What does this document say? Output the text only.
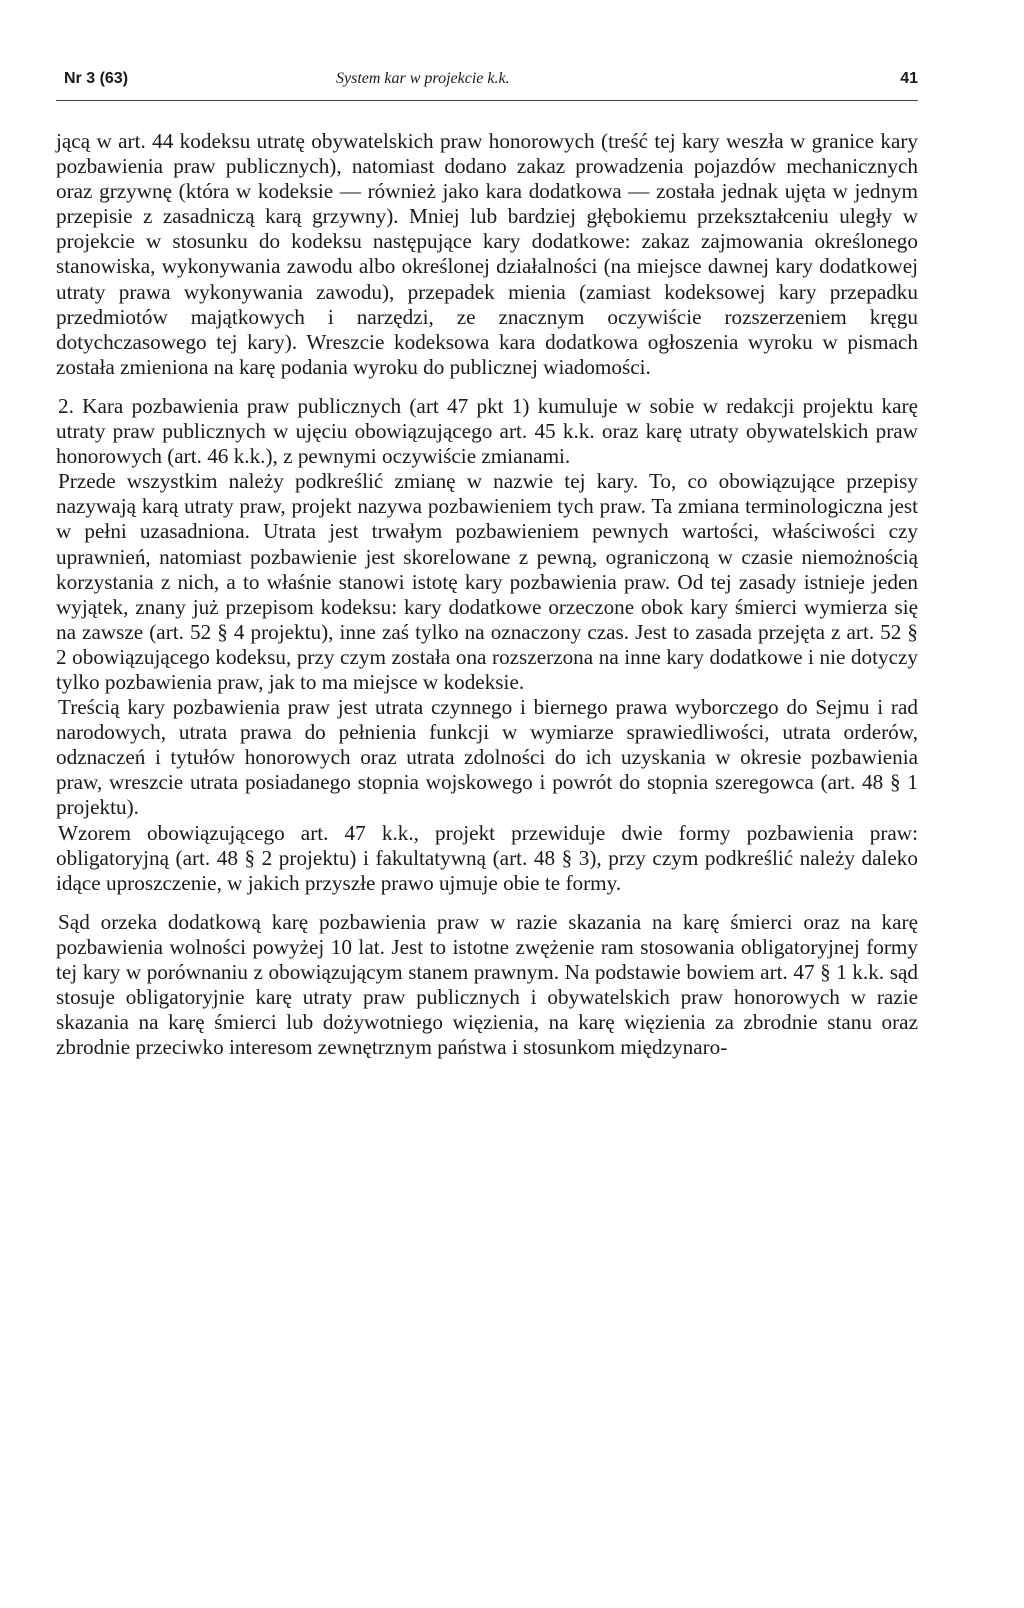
Nr 3 (63)	System kar w projekcie k.k.	41

jącą w art. 44 kodeksu utratę obywatelskich praw honorowych (treść tej kary weszła w granice kary pozbawienia praw publicznych), natomiast dodano zakaz prowadzenia pojazdów mechanicznych oraz grzywnę (która w kodeksie — również jako kara dodatkowa — została jednak ujęta w jednym przepisie z zasadniczą karą grzywny). Mniej lub bardziej głębokiemu przekształceniu uległy w projekcie w stosunku do kodeksu następujące kary dodatkowe: zakaz zajmowania określonego stanowiska, wykonywania zawodu albo określonej działalności (na miejsce dawnej kary dodatkowej utraty prawa wykonywania zawodu), przepadek mienia (zamiast kodeksowej kary przepadku przedmiotów majątkowych i narzędzi, ze znacznym oczywiście rozszerzeniem kręgu dotychczasowego tej kary). Wreszcie kodeksowa kara dodatkowa ogłoszenia wyroku w pismach została zmieniona na karę podania wyroku do publicznej wiadomości.

2. Kara pozbawienia praw publicznych (art 47 pkt 1) kumuluje w sobie w redakcji projektu karę utraty praw publicznych w ujęciu obowiązującego art. 45 k.k. oraz karę utraty obywatelskich praw honorowych (art. 46 k.k.), z pewnymi oczywiście zmianami.

Przede wszystkim należy podkreślić zmianę w nazwie tej kary. To, co obowiązujące przepisy nazywają karą utraty praw, projekt nazywa pozbawieniem tych praw. Ta zmiana terminologiczna jest w pełni uzasadniona. Utrata jest trwałym pozbawieniem pewnych wartości, właściwości czy uprawnień, natomiast pozbawienie jest skorelowane z pewną, ograniczoną w czasie niemożnością korzystania z nich, a to właśnie stanowi istotę kary pozbawienia praw. Od tej zasady istnieje jeden wyjątek, znany już przepisom kodeksu: kary dodatkowe orzeczone obok kary śmierci wymierza się na zawsze (art. 52 § 4 projektu), inne zaś tylko na oznaczony czas. Jest to zasada przejęta z art. 52 § 2 obowiązującego kodeksu, przy czym została ona rozszerzona na inne kary dodatkowe i nie dotyczy tylko pozbawienia praw, jak to ma miejsce w kodeksie.

Treścią kary pozbawienia praw jest utrata czynnego i biernego prawa wyborczego do Sejmu i rad narodowych, utrata prawa do pełnienia funkcji w wymiarze sprawiedliwości, utrata orderów, odznaczeń i tytułów honorowych oraz utrata zdolności do ich uzyskania w okresie pozbawienia praw, wreszcie utrata posiadanego stopnia wojskowego i powrót do stopnia szeregowca (art. 48 § 1 projektu).

Wzorem obowiązującego art. 47 k.k., projekt przewiduje dwie formy pozbawienia praw: obligatoryjną (art. 48 § 2 projektu) i fakultatywną (art. 48 § 3), przy czym podkreślić należy daleko idące uproszczenie, w jakich przyszłe prawo ujmuje obie te formy.

Sąd orzeka dodatkową karę pozbawienia praw w razie skazania na karę śmierci oraz na karę pozbawienia wolności powyżej 10 lat. Jest to istotne zwężenie ram stosowania obligatoryjnej formy tej kary w porównaniu z obowiązującym stanem prawnym. Na podstawie bowiem art. 47 § 1 k.k. sąd stosuje obligatoryjnie karę utraty praw publicznych i obywatelskich praw honorowych w razie skazania na karę śmierci lub dożywotniego więzienia, na karę więzienia za zbrodnie stanu oraz zbrodnie przeciwko interesom zewnętrznym państwa i stosunkom międzynaro-
